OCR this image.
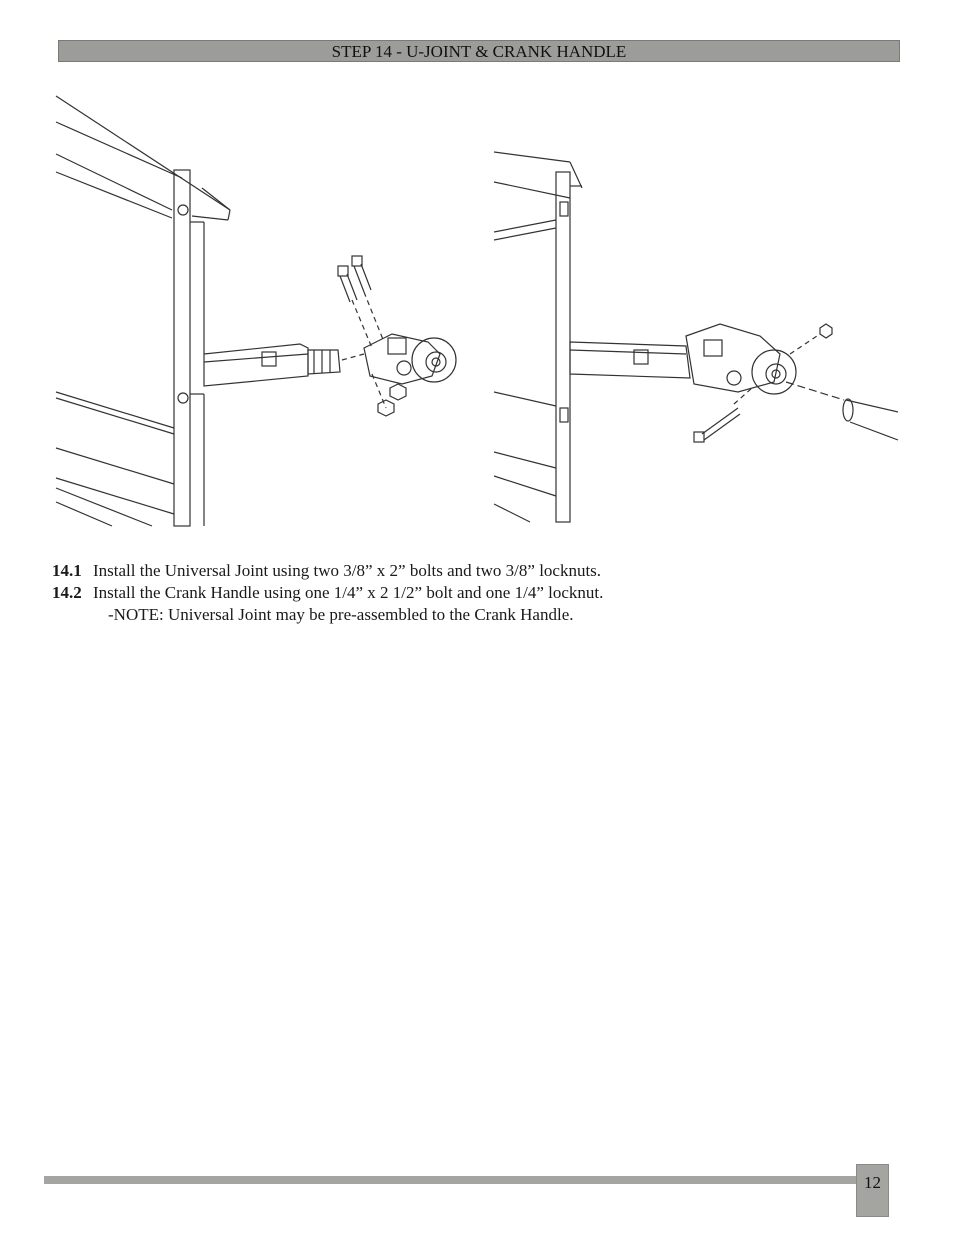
STEP 14 - U-JOINT & CRANK HANDLE
14.1 Install the Universal Joint using two 3/8” x 2” bolts and two 3/8” locknuts.
14.2 Install the Crank Handle using one 1/4” x 2 1/2” bolt and one 1/4” locknut.
-NOTE: Universal Joint may be pre-assembled to the Crank Handle.
12
